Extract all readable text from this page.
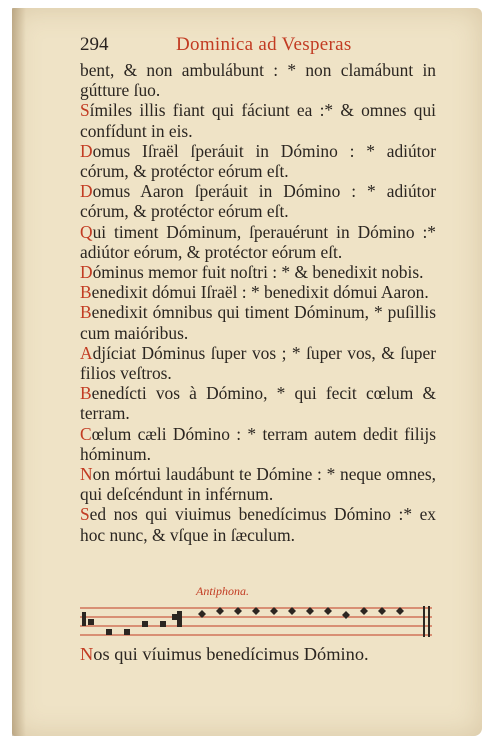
294	Dominica ad Vesperas

bent, & non ambulábunt : * non clamábunt in gútture ſuo.

Símiles illis fiant qui fáciunt ea :* & omnes qui confídunt in eis.

Domus Iſraël ſperáuit in Dómino : * adiútor córum, & protéctor eórum eſt.

Domus Aaron ſperáuit in Dómino : * adiútor córum, & protéctor eórum eſt.

Qui timent Dóminum, ſperauérunt in Dómino :* adiútor eórum, & protéctor eórum eſt.

Dóminus memor fuit noſtri : * & benedixit nobis.

Benedixit dómui Iſraël : * benedixit dómui Aaron.

Benedixit ómnibus qui timent Dóminum, * puſillis cum maióribus.

Adjíciat Dóminus ſuper vos ; * ſuper vos, & ſuper filios veſtros.

Benedícti vos à Dómino, * qui fecit cœlum & terram.

Cœlum cæli Dómino : * terram autem dedit filijs hóminum.

Non mórtui laudábunt te Dómine : * neque omnes, qui deſcéndunt in inférnum.

Sed nos qui viuimus benedícimus Dómino :* ex hoc nunc, & vſque in ſæculum.

Antiphona.
Nos qui víuimus benedícimus Dómino.
